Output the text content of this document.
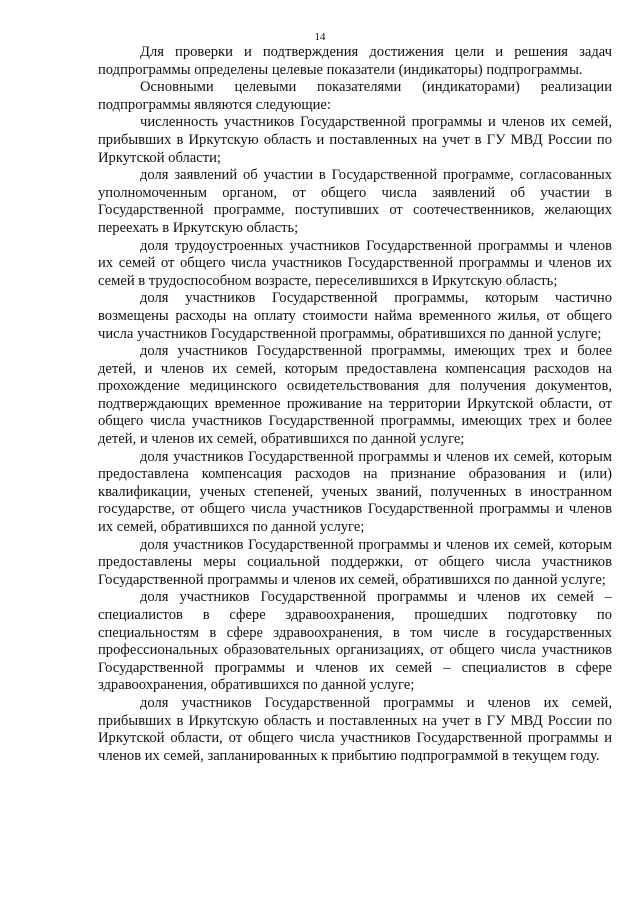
14

Для проверки и подтверждения достижения цели и решения задач подпрограммы определены целевые показатели (индикаторы) подпрограммы.

Основными целевыми показателями (индикаторами) реализации подпрограммы являются следующие:

численность участников Государственной программы и членов их семей, прибывших в Иркутскую область и поставленных на учет в ГУ МВД России по Иркутской области;

доля заявлений об участии в Государственной программе, согласованных уполномоченным органом, от общего числа заявлений об участии в Государственной программе, поступивших от соотечественников, желающих переехать в Иркутскую область;

доля трудоустроенных участников Государственной программы и членов их семей от общего числа участников Государственной программы и членов их семей в трудоспособном возрасте, переселившихся в Иркутскую область;

доля участников Государственной программы, которым частично возмещены расходы на оплату стоимости найма временного жилья, от общего числа участников Государственной программы, обратившихся по данной услуге;

доля участников Государственной программы, имеющих трех и более детей, и членов их семей, которым предоставлена компенсация расходов на прохождение медицинского освидетельствования для получения документов, подтверждающих временное проживание на территории Иркутской области, от общего числа участников Государственной программы, имеющих трех и более детей, и членов их семей, обратившихся по данной услуге;

доля участников Государственной программы и членов их семей, которым предоставлена компенсация расходов на признание образования и (или) квалификации, ученых степеней, ученых званий, полученных в иностранном государстве, от общего числа участников Государственной программы и членов их семей, обратившихся по данной услуге;

доля участников Государственной программы и членов их семей, которым предоставлены меры социальной поддержки, от общего числа участников Государственной программы и членов их семей, обратившихся по данной услуге;

доля участников Государственной программы и членов их семей – специалистов в сфере здравоохранения, прошедших подготовку по специальностям в сфере здравоохранения, в том числе в государственных профессиональных образовательных организациях, от общего числа участников Государственной программы и членов их семей – специалистов в сфере здравоохранения, обратившихся по данной услуге;

доля участников Государственной программы и членов их семей, прибывших в Иркутскую область и поставленных на учет в ГУ МВД России по Иркутской области, от общего числа участников Государственной программы и членов их семей, запланированных к прибытию подпрограммой в текущем году.
